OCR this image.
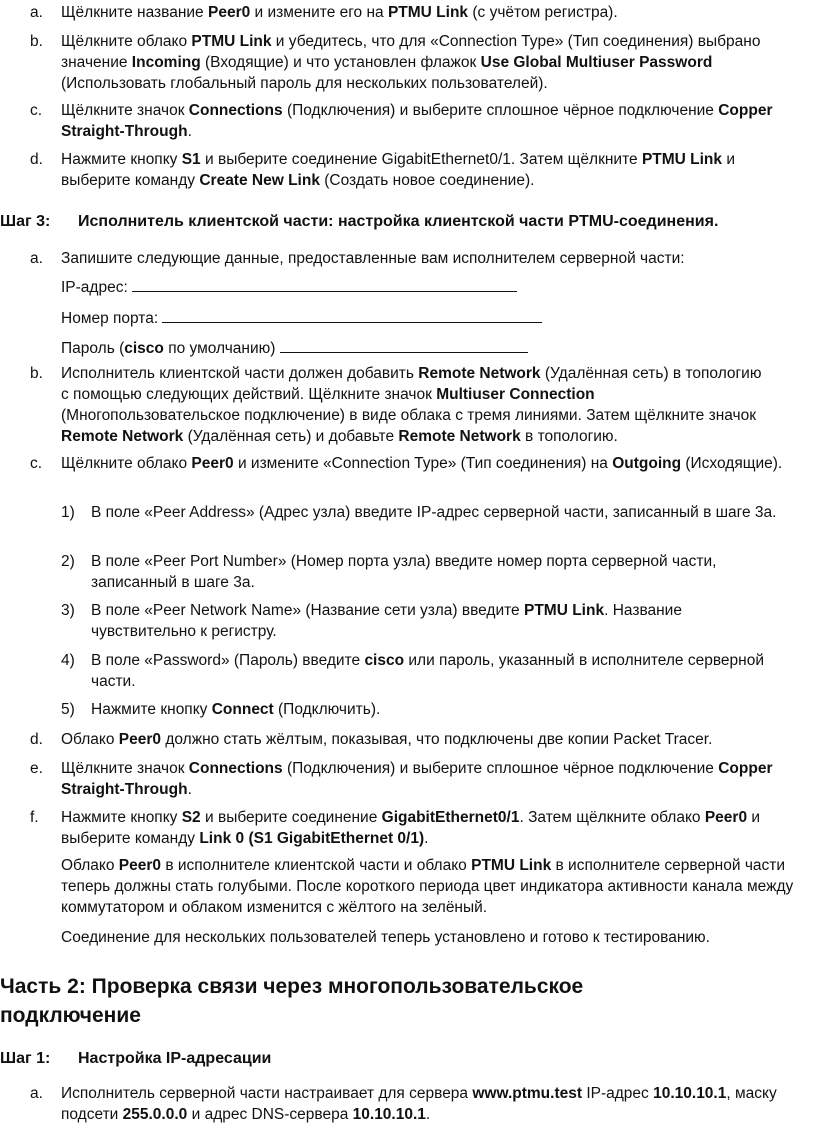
a.	Щёлкните название Peer0 и измените его на PTMU Link (с учётом регистра).
b.	Щёлкните облако PTMU Link и убедитесь, что для «Connection Type» (Тип соединения) выбрано значение Incoming (Входящие) и что установлен флажок Use Global Multiuser Password (Использовать глобальный пароль для нескольких пользователей).
c.	Щёлкните значок Connections (Подключения) и выберите сплошное чёрное подключение Copper Straight-Through.
d.	Нажмите кнопку S1 и выберите соединение GigabitEthernet0/1. Затем щёлкните PTMU Link и выберите команду Create New Link (Создать новое соединение).
Шаг 3: Исполнитель клиентской части: настройка клиентской части PTMU-соединения.
a.	Запишите следующие данные, предоставленные вам исполнителем серверной части:
IP-адрес:
Номер порта:
Пароль (cisco по умолчанию)
b.	Исполнитель клиентской части должен добавить Remote Network (Удалённая сеть) в топологию с помощью следующих действий. Щёлкните значок Multiuser Connection (Многопользовательское подключение) в виде облака с тремя линиями. Затем щёлкните значок Remote Network (Удалённая сеть) и добавьте Remote Network в топологию.
c.	Щёлкните облако Peer0 и измените «Connection Type» (Тип соединения) на Outgoing (Исходящие).
1)	В поле «Peer Address» (Адрес узла) введите IP-адрес серверной части, записанный в шаге 3a.
2)	В поле «Peer Port Number» (Номер порта узла) введите номер порта серверной части, записанный в шаге 3a.
3)	В поле «Peer Network Name» (Название сети узла) введите PTMU Link. Название чувствительно к регистру.
4)	В поле «Password» (Пароль) введите cisco или пароль, указанный в исполнителе серверной части.
5)	Нажмите кнопку Connect (Подключить).
d.	Облако Peer0 должно стать жёлтым, показывая, что подключены две копии Packet Tracer.
e.	Щёлкните значок Connections (Подключения) и выберите сплошное чёрное подключение Copper Straight-Through.
f.	Нажмите кнопку S2 и выберите соединение GigabitEthernet0/1. Затем щёлкните облако Peer0 и выберите команду Link 0 (S1 GigabitEthernet 0/1).
Облако Peer0 в исполнителе клиентской части и облако PTMU Link в исполнителе серверной части теперь должны стать голубыми. После короткого периода цвет индикатора активности канала между коммутатором и облаком изменится с жёлтого на зелёный.
Соединение для нескольких пользователей теперь установлено и готово к тестированию.
Часть 2: Проверка связи через многопользовательское подключение
Шаг 1: Настройка IP-адресации
a.	Исполнитель серверной части настраивает для сервера www.ptmu.test IP-адрес 10.10.10.1, маску подсети 255.0.0.0 и адрес DNS-сервера 10.10.10.1.
